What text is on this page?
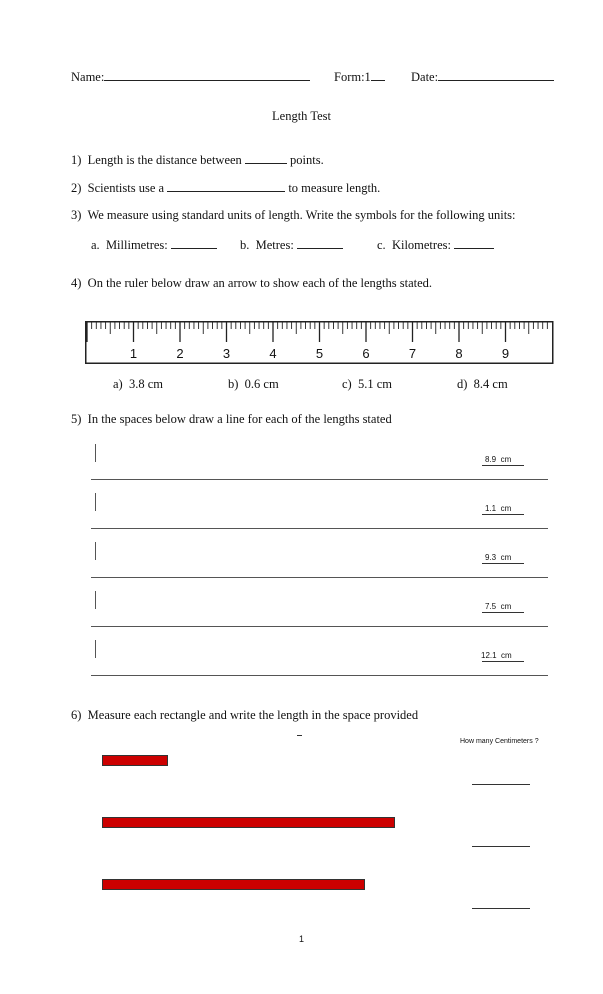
Name:	Form:1	Date:
Length Test
1) Length is the distance between	points.
2) Scientists use a	to measure length.
3) We measure using standard units of length. Write the symbols for the following units:
a. Millimetres:	b. Metres:	c. Kilometres:
4) On the ruler below draw an arrow to show each of the lengths stated.
1	2	3	4	5	6	7	8	9
a) 3.8 cm	b) 0.6 cm	c) 5.1 cm	d) 8.4 cm
5) In the spaces below draw a line for each of the lengths stated
8.9 cm
1.1 cm
9.3 cm
7.5 cm
12.1 cm
6) Measure each rectangle and write the length in the space provided
How many Centimeters ?
1
